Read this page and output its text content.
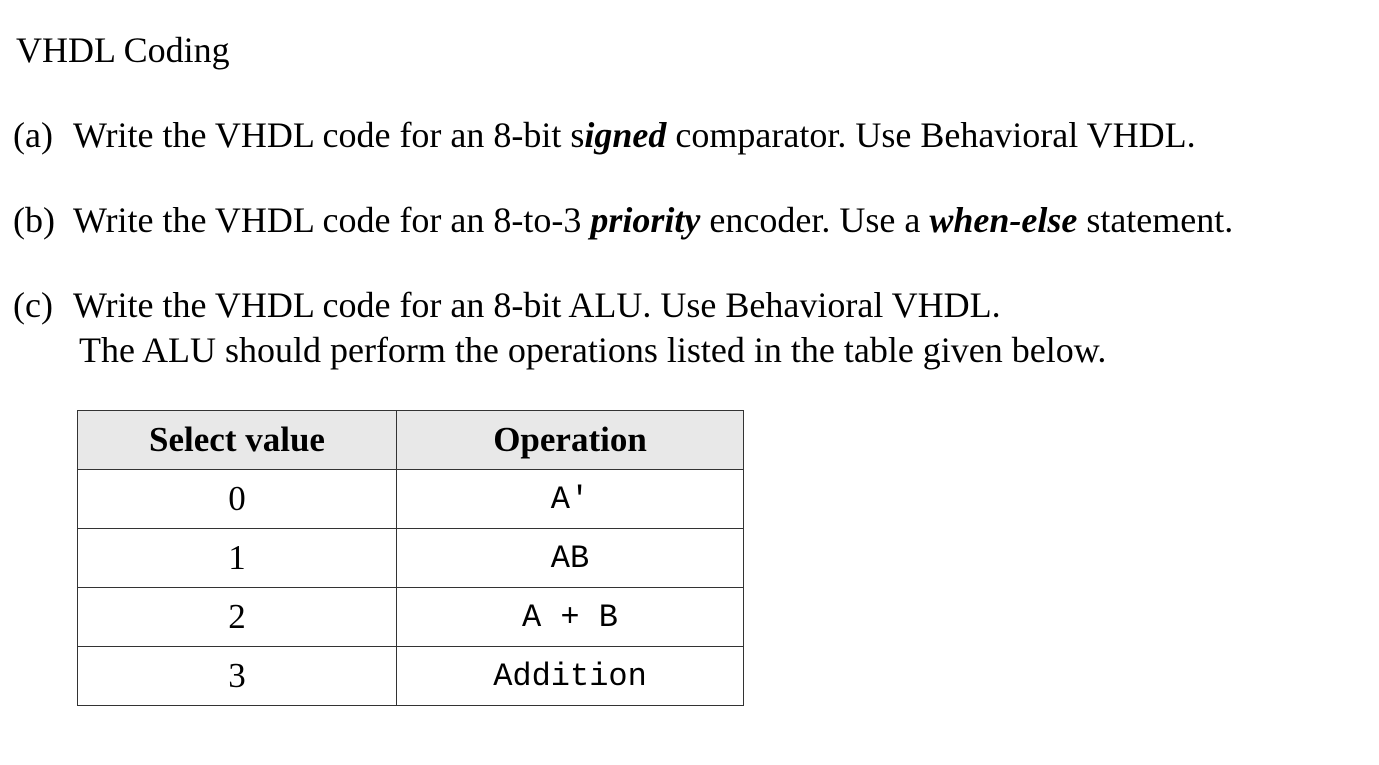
VHDL Coding
(a) Write the VHDL code for an 8-bit signed comparator. Use Behavioral VHDL.
(b) Write the VHDL code for an 8-to-3 priority encoder. Use a when-else statement.
(c) Write the VHDL code for an 8-bit ALU. Use Behavioral VHDL.
The ALU should perform the operations listed in the table given below.
Select value	Operation
0	A′
1	AB
2	A + B
3	Addition
